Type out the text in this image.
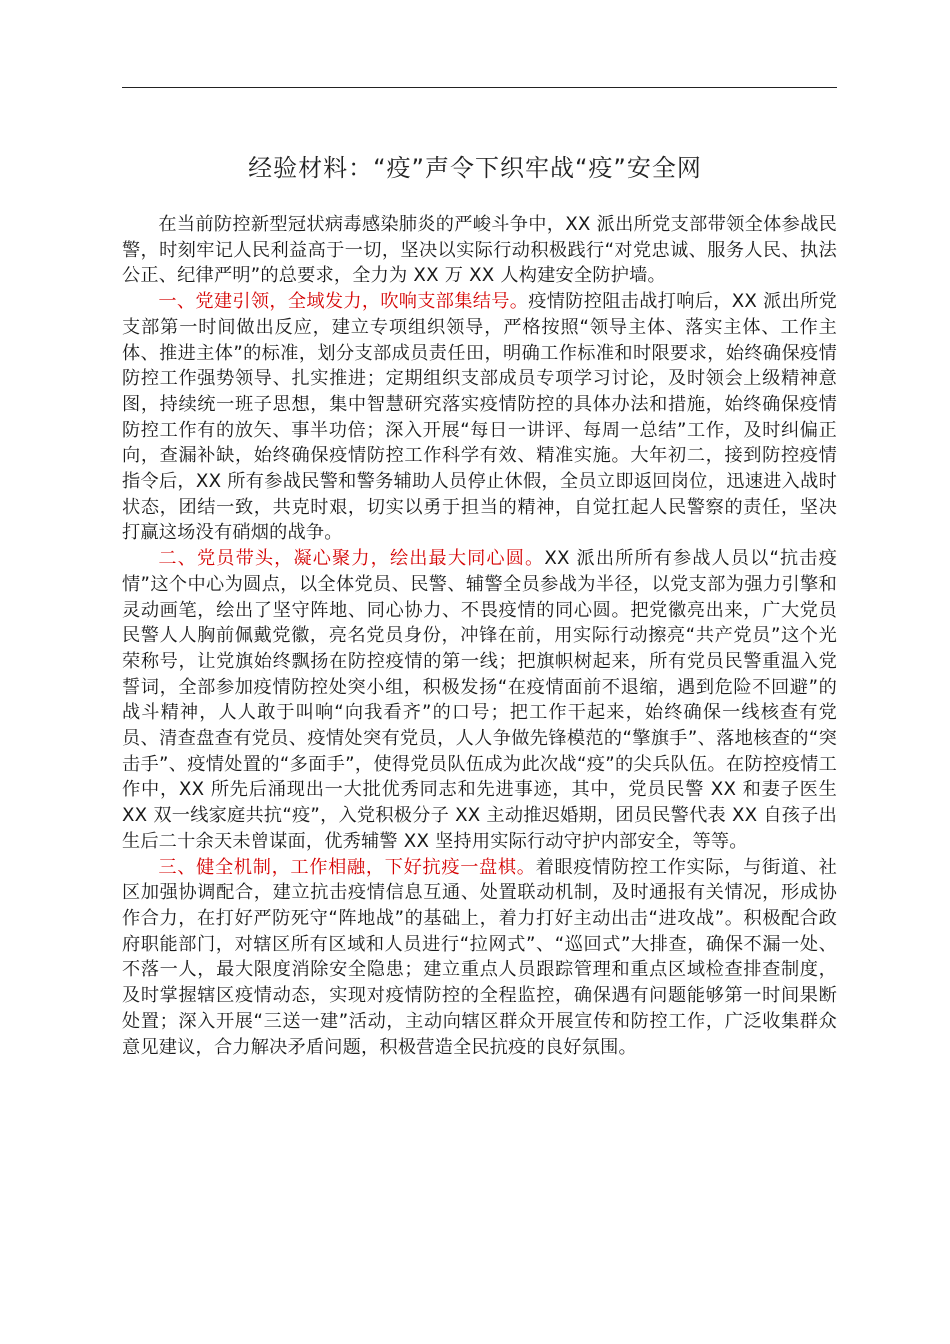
经验材料：“疫”声令下织牢战“疫”安全网

在当前防控新型冠状病毒感染肺炎的严峻斗争中，XX 派出所党支部带领全体参战民警，时刻牢记人民利益高于一切，坚决以实际行动积极践行“对党忠诚、服务人民、执法公正、纪律严明”的总要求，全力为 XX 万 XX 人构建安全防护墙。

一、党建引领，全域发力，吹响支部集结号。疫情防控阻击战打响后，XX 派出所党支部第一时间做出反应，建立专项组织领导，严格按照“领导主体、落实主体、工作主体、推进主体”的标准，划分支部成员责任田，明确工作标准和时限要求，始终确保疫情防控工作强势领导、扎实推进；定期组织支部成员专项学习讨论，及时领会上级精神意图，持续统一班子思想，集中智慧研究落实疫情防控的具体办法和措施，始终确保疫情防控工作有的放矢、事半功倍；深入开展“每日一讲评、每周一总结”工作，及时纠偏正向，查漏补缺，始终确保疫情防控工作科学有效、精准实施。大年初二，接到防控疫情指令后，XX 所有参战民警和警务辅助人员停止休假，全员立即返回岗位，迅速进入战时状态，团结一致，共克时艰，切实以勇于担当的精神，自觉扛起人民警察的责任，坚决打赢这场没有硝烟的战争。

二、党员带头，凝心聚力，绘出最大同心圆。XX 派出所所有参战人员以“抗击疫情”这个中心为圆点，以全体党员、民警、辅警全员参战为半径，以党支部为强力引擎和灵动画笔，绘出了坚守阵地、同心协力、不畏疫情的同心圆。把党徽亮出来，广大党员民警人人胸前佩戴党徽，亮名党员身份，冲锋在前，用实际行动擦亮“共产党员”这个光荣称号，让党旗始终飘扬在防控疫情的第一线；把旗帜树起来，所有党员民警重温入党誓词，全部参加疫情防控处突小组，积极发扬“在疫情面前不退缩，遇到危险不回避”的战斗精神，人人敢于叫响“向我看齐”的口号；把工作干起来，始终确保一线核查有党员、清查盘查有党员、疫情处突有党员，人人争做先锋模范的“擎旗手”、落地核查的“突击手”、疫情处置的“多面手”，使得党员队伍成为此次战“疫”的尖兵队伍。在防控疫情工作中，XX 所先后涌现出一大批优秀同志和先进事迹，其中，党员民警 XX 和妻子医生 XX 双一线家庭共抗“疫”，入党积极分子 XX 主动推迟婚期，团员民警代表 XX 自孩子出生后二十余天未曾谋面，优秀辅警 XX 坚持用实际行动守护内部安全，等等。

三、健全机制，工作相融，下好抗疫一盘棋。着眼疫情防控工作实际，与街道、社区加强协调配合，建立抗击疫情信息互通、处置联动机制，及时通报有关情况，形成协作合力，在打好严防死守“阵地战”的基础上，着力打好主动出击“进攻战”。积极配合政府职能部门，对辖区所有区域和人员进行“拉网式”、“巡回式”大排查，确保不漏一处、不落一人，最大限度消除安全隐患；建立重点人员跟踪管理和重点区域检查排查制度，及时掌握辖区疫情动态，实现对疫情防控的全程监控，确保遇有问题能够第一时间果断处置；深入开展“三送一建”活动，主动向辖区群众开展宣传和防控工作，广泛收集群众意见建议，合力解决矛盾问题，积极营造全民抗疫的良好氛围。
